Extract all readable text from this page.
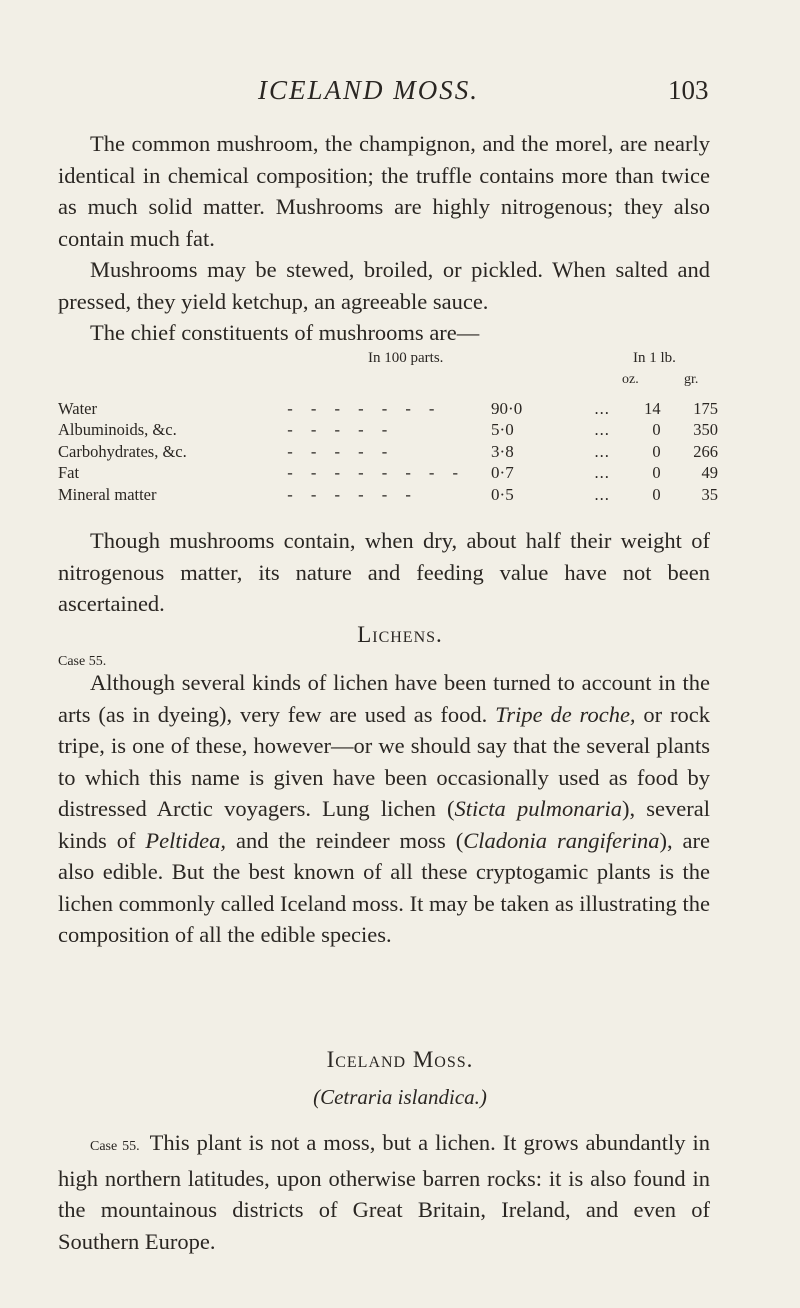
ICELAND MOSS.	103

The common mushroom, the champignon, and the morel, are nearly identical in chemical composition; the truffle contains more than twice as much solid matter. Mushrooms are highly nitrogenous; they also contain much fat.

Mushrooms may be stewed, broiled, or pickled. When salted and pressed, they yield ketchup, an agreeable sauce.

The chief constituents of mushrooms are—

In 100 parts.	In 1 lb.
oz.	gr.
Water	- - - - - - -	90·0	...	14	175
Albuminoids, &c.	- - - - -	5·0	...	0	350
Carbohydrates, &c.	- - - - -	3·8	...	0	266
Fat	- - - - - - - -	0·7	...	0	49
Mineral matter	- - - - - -	0·5	...	0	35

Though mushrooms contain, when dry, about half their weight of nitrogenous matter, its nature and feeding value have not been ascertained.

Lichens.
Case 55.

Although several kinds of lichen have been turned to account in the arts (as in dyeing), very few are used as food. Tripe de roche, or rock tripe, is one of these, however—or we should say that the several plants to which this name is given have been occasionally used as food by distressed Arctic voyagers. Lung lichen (Sticta pulmonaria), several kinds of Peltidea, and the reindeer moss (Cladonia rangiferina), are also edible. But the best known of all these cryptogamic plants is the lichen commonly called Iceland moss. It may be taken as illustrating the composition of all the edible species.

Iceland Moss.
(Cetraria islandica.)

Case 55. This plant is not a moss, but a lichen. It grows abundantly in high northern latitudes, upon otherwise barren rocks: it is also found in the mountainous districts of Great Britain, Ireland, and even of Southern Europe.
